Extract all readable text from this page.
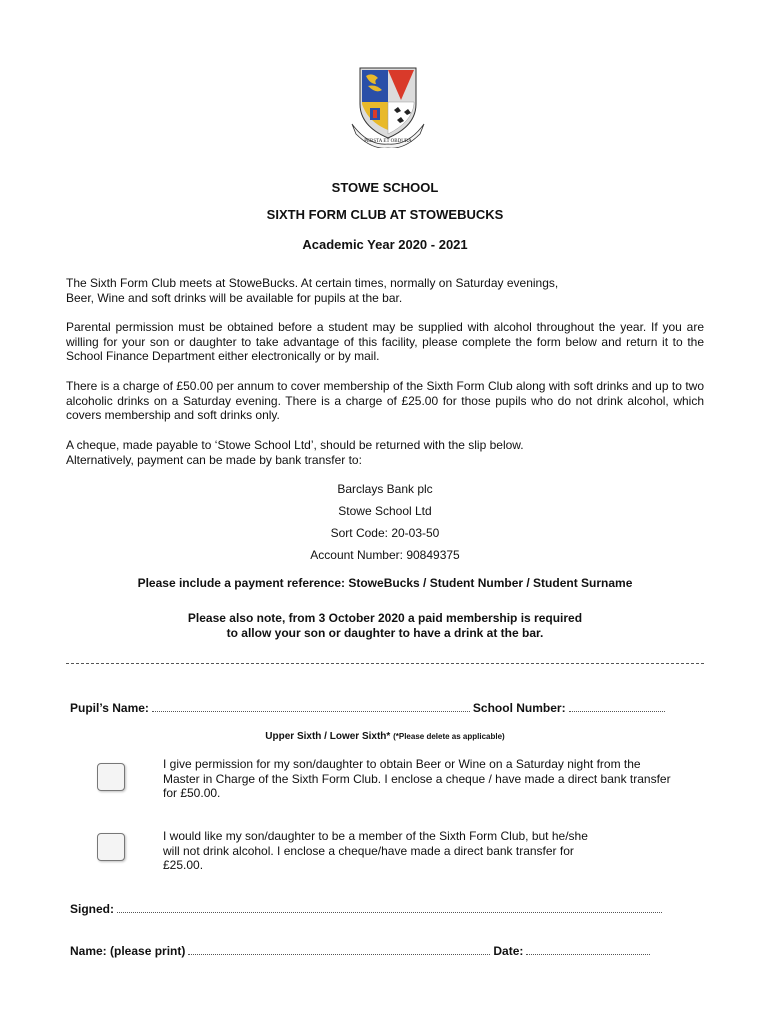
PERSTA ET OBDURA
STOWE SCHOOL
SIXTH FORM CLUB AT STOWEBUCKS
Academic Year 2020 - 2021
The Sixth Form Club meets at StoweBucks. At certain times, normally on Saturday evenings,
Beer, Wine and soft drinks will be available for pupils at the bar.
Parental permission must be obtained before a student may be supplied with alcohol throughout the year. If you are willing for your son or daughter to take advantage of this facility, please complete the form below and return it to the School Finance Department either electronically or by mail.
There is a charge of £50.00 per annum to cover membership of the Sixth Form Club along with soft drinks and up to two alcoholic drinks on a Saturday evening. There is a charge of £25.00 for those pupils who do not drink alcohol, which covers membership and soft drinks only.
A cheque, made payable to ‘Stowe School Ltd’, should be returned with the slip below.
Alternatively, payment can be made by bank transfer to:
Barclays Bank plc
Stowe School Ltd
Sort Code: 20-03-50
Account Number: 90849375
Please include a payment reference: StoweBucks / Student Number / Student Surname
Please also note, from 3 October 2020 a paid membership is required
to allow your son or daughter to have a drink at the bar.
Pupil’s Name:	School Number:
Upper Sixth / Lower Sixth* (*Please delete as applicable)
I give permission for my son/daughter to obtain Beer or Wine on a Saturday night from the Master in Charge of the Sixth Form Club. I enclose a cheque / have made a direct bank transfer for £50.00.
I would like my son/daughter to be a member of the Sixth Form Club, but he/she will not drink alcohol. I enclose a cheque/have made a direct bank transfer for £25.00.
Signed:
Name: (please print)	Date:
